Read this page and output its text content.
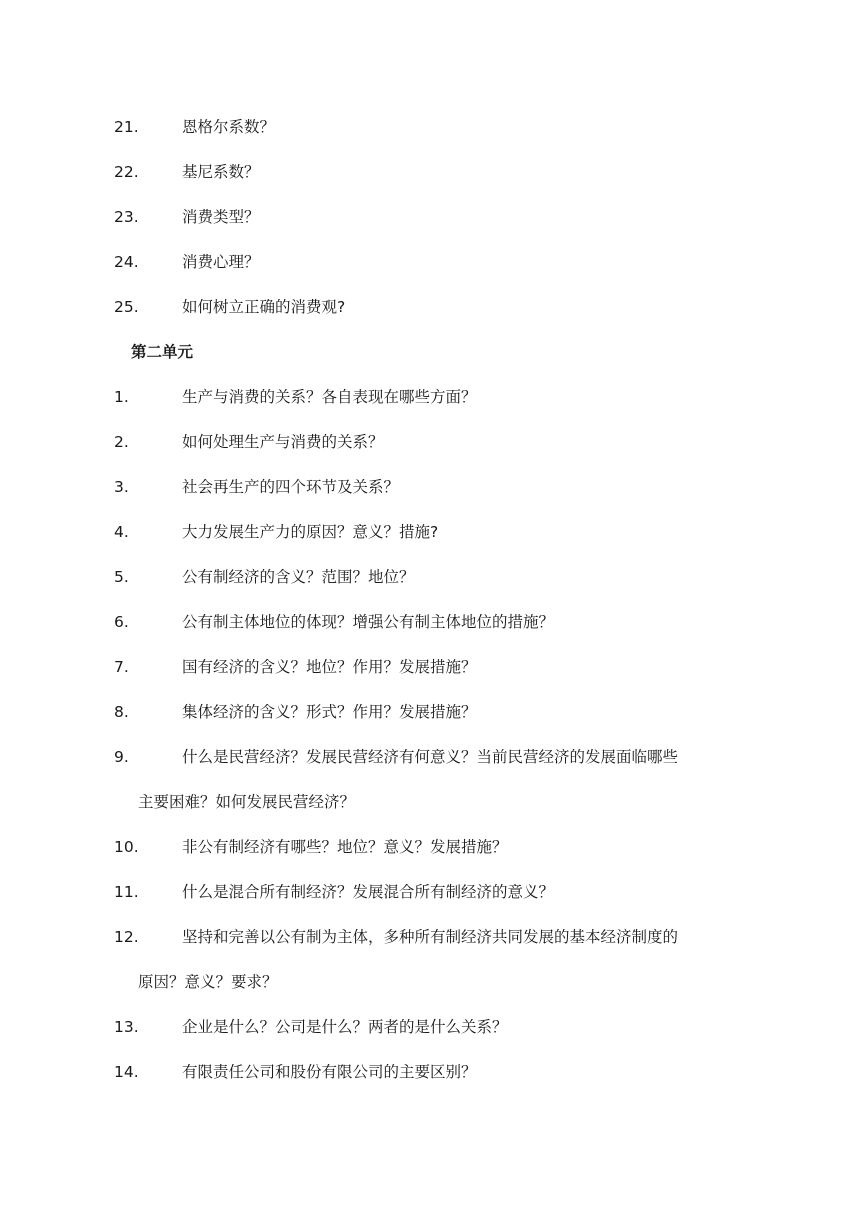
21.	恩格尔系数？
22.	基尼系数？
23.	消费类型？
24.	消费心理？
25.	如何树立正确的消费观?
第二单元
1.	生产与消费的关系？各自表现在哪些方面？
2.	如何处理生产与消费的关系？
3.	社会再生产的四个环节及关系？
4.	大力发展生产力的原因？意义？措施?
5.	公有制经济的含义？范围？地位？
6.	公有制主体地位的体现？增强公有制主体地位的措施？
7.	国有经济的含义？地位？作用？发展措施？
8.	集体经济的含义？形式？作用？发展措施？
9.	什么是民营经济？发展民营经济有何意义？当前民营经济的发展面临哪些
主要困难？如何发展民营经济？
10.	非公有制经济有哪些？地位？意义？发展措施？
11.	什么是混合所有制经济？发展混合所有制经济的意义？
12.	坚持和完善以公有制为主体，多种所有制经济共同发展的基本经济制度的
原因？意义？要求？
13.	企业是什么？公司是什么？两者的是什么关系？
14.	有限责任公司和股份有限公司的主要区别？
